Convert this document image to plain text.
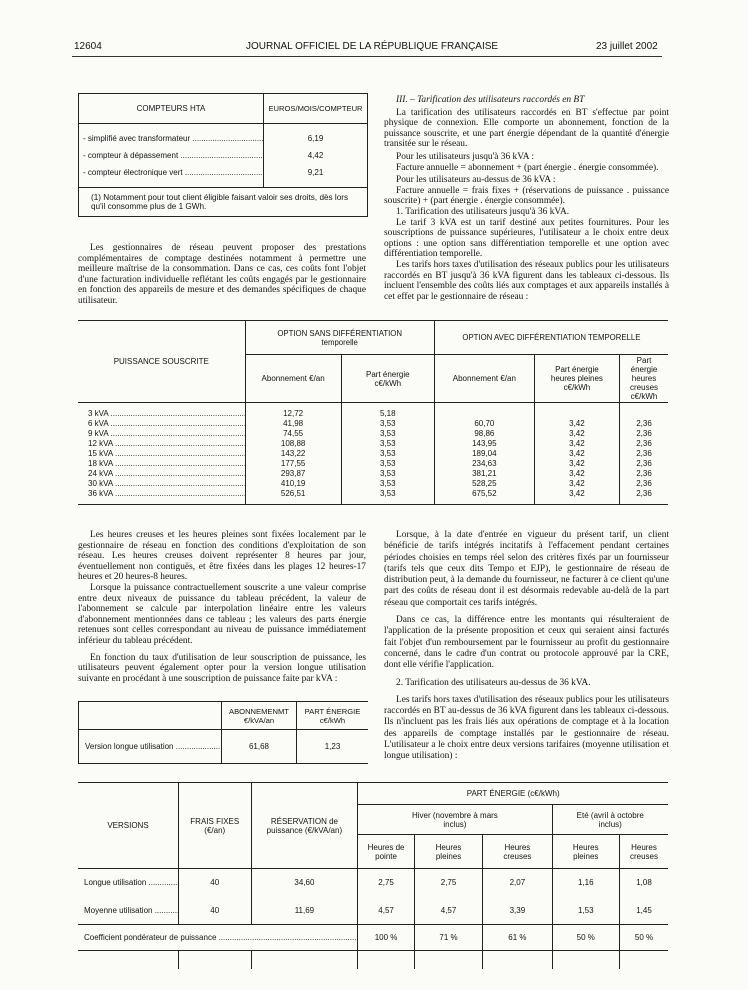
12604	JOURNAL OFFICIEL DE LA RÉPUBLIQUE FRANÇAISE	23 juillet 2002
COMPTEURS HTA	EUROS/MOIS/COMPTEUR

- simplifié avec transformateur .....	6,19
- compteur à dépassement .....	4,42
- compteur électronique vert .....	9,21

(1) Notamment pour tout client éligible faisant valoir ses droits, dès lors qu'il consomme plus de 1 GWh.	

Les gestionnaires de réseau peuvent proposer des prestations complémentaires de comptage destinées notamment à permettre une meilleure maîtrise de la consommation. Dans ce cas, ces coûts font l'objet d'une facturation individuelle reflétant les coûts engagés par le gestionnaire en fonction des appareils de mesure et des demandes spécifiques de chaque utilisateur.

III. – Tarification des utilisateurs raccordés en BT

La tarification des utilisateurs raccordés en BT s'effectue par point physique de connexion. Elle comporte un abonnement, fonction de la puissance souscrite, et une part énergie dépendant de la quantité d'énergie transitée sur le réseau.

Pour les utilisateurs jusqu'à 36 kVA :

Facture annuelle = abonnement + (part énergie . énergie consommée).

Pour les utilisateurs au-dessus de 36 kVA :

Facture annuelle = frais fixes + (réservations de puissance . puissance souscrite) + (part énergie . énergie consommée).

1. Tarification des utilisateurs jusqu'à 36 kVA.

Le tarif 3 kVA est un tarif destiné aux petites fournitures. Pour les souscriptions de puissance supérieures, l'utilisateur a le choix entre deux options : une option sans différentiation temporelle et une option avec différentiation temporelle.

Les tarifs hors taxes d'utilisation des réseaux publics pour les utilisateurs raccordés en BT jusqu'à 36 kVA figurent dans les tableaux ci-dessous. Ils incluent l'ensemble des coûts liés aux comptages et aux appareils installés à cet effet par le gestionnaire de réseau :

PUISSANCE SOUSCRITE	OPTION SANS DIFFÉRENTIATION temporelle		OPTION AVEC DIFFÉRENTIATION TEMPORELLE		
	Abonnement €/an	Part énergie c€/kWh	Abonnement €/an	Part énergie heures pleines c€/kWh	Part énergie heures creuses c€/kWh

3 kVA .....	12,72	5,18			
6 kVA .....	41,98	3,53	60,70	3,42	2,36
9 kVA .....	74,55	3,53	98,86	3,42	2,36
12 kVA .....	108,88	3,53	143,95	3,42	2,36
15 kVA .....	143,22	3,53	189,04	3,42	2,36
18 kVA .....	177,55	3,53	234,63	3,42	2,36
24 kVA .....	293,87	3,53	381,21	3,42	2,36
30 kVA .....	410,19	3,53	528,25	3,42	2,36
36 kVA .....	526,51	3,53	675,52	3,42	2,36

Les heures creuses et les heures pleines sont fixées localement par le gestionnaire de réseau en fonction des conditions d'exploitation de son réseau. Les heures creuses doivent représenter 8 heures par jour, éventuellement non contiguës, et être fixées dans les plages 12 heures-17 heures et 20 heures-8 heures.

Lorsque la puissance contractuellement souscrite a une valeur comprise entre deux niveaux de puissance du tableau précédent, la valeur de l'abonnement se calcule par interpolation linéaire entre les valeurs d'abonnement mentionnées dans ce tableau ; les valeurs des parts énergie retenues sont celles correspondant au niveau de puissance immédiatement inférieur du tableau précédent.

En fonction du taux d'utilisation de leur souscription de puissance, les utilisateurs peuvent également opter pour la version longue utilisation suivante en procédant à une souscription de puissance faite par kVA :

	ABONNEMENMT €/kVA/an	PART ÉNERGIE c€/kWh
Version longue utilisation .....	61,68	1,23

Lorsque, à la date d'entrée en vigueur du présent tarif, un client bénéficie de tarifs intégrés incitatifs à l'effacement pendant certaines périodes choisies en temps réel selon des critères fixés par un fournisseur (tarifs tels que ceux dits Tempo et EJP), le gestionnaire de réseau de distribution peut, à la demande du fournisseur, ne facturer à ce client qu'une part des coûts de réseau dont il est désormais redevable au-delà de la part réseau que comportait ces tarifs intégrés.

Dans ce cas, la différence entre les montants qui résulteraient de l'application de la présente proposition et ceux qui seraient ainsi facturés fait l'objet d'un remboursement par le fournisseur au profit du gestionnaire concerné, dans le cadre d'un contrat ou protocole approuvé par la CRE, dont elle vérifie l'application.

2. Tarification des utilisateurs au-dessus de 36 kVA.

Les tarifs hors taxes d'utilisation des réseaux publics pour les utilisateurs raccordés en BT au-dessus de 36 kVA figurent dans les tableaux ci-dessous. Ils n'incluent pas les frais liés aux opérations de comptage et à la location des appareils de comptage installés par le gestionnaire de réseau. L'utilisateur a le choix entre deux versions tarifaires (moyenne utilisation et longue utilisation) :

VERSIONS	FRAIS FIXES (€/an)	RÉSERVATION de puissance (€/kVA/an)	PART ÉNERGIE (c€/kWh)				
			Hiver (novembre à mars inclus)			Eté (avril à octobre inclus)	
			Heures de pointe	Heures pleines	Heures creuses	Heures pleines	Heures creuses
Longue utilisation .....	40	34,60	2,75	2,75	2,07	1,16	1,08
Moyenne utilisation .....	40	11,69	4,57	4,57	3,39	1,53	1,45
Coefficient pondérateur de puissance .....			100 %	71 %	61 %	50 %	50 %
